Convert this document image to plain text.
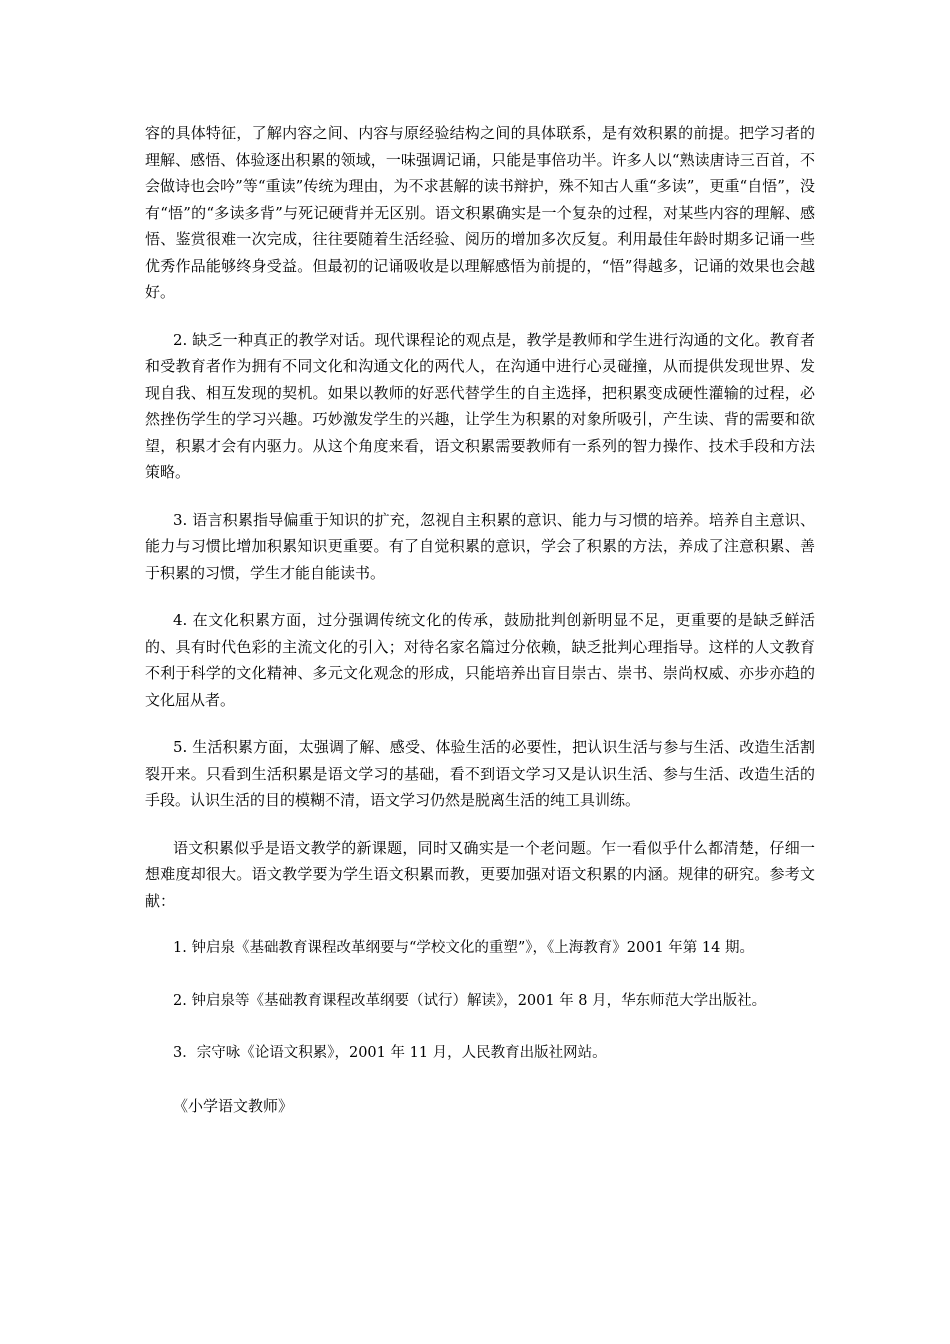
容的具体特征，了解内容之间、内容与原经验结构之间的具体联系，是有效积累的前提。把学习者的理解、感悟、体验逐出积累的领域，一味强调记诵，只能是事倍功半。许多人以“熟读唐诗三百首，不会做诗也会吟”等“重读”传统为理由，为不求甚解的读书辩护，殊不知古人重“多读”，更重“自悟”，没有“悟”的“多读多背”与死记硬背并无区别。语文积累确实是一个复杂的过程，对某些内容的理解、感悟、鉴赏很难一次完成，往往要随着生活经验、阅历的增加多次反复。利用最佳年龄时期多记诵一些优秀作品能够终身受益。但最初的记诵吸收是以理解感悟为前提的，“悟”得越多，记诵的效果也会越好。

2. 缺乏一种真正的教学对话。现代课程论的观点是，教学是教师和学生进行沟通的文化。教育者和受教育者作为拥有不同文化和沟通文化的两代人，在沟通中进行心灵碰撞，从而提供发现世界、发现自我、相互发现的契机。如果以教师的好恶代替学生的自主选择，把积累变成硬性灌输的过程，必然挫伤学生的学习兴趣。巧妙激发学生的兴趣，让学生为积累的对象所吸引，产生读、背的需要和欲望，积累才会有内驱力。从这个角度来看，语文积累需要教师有一系列的智力操作、技术手段和方法策略。

3. 语言积累指导偏重于知识的扩充，忽视自主积累的意识、能力与习惯的培养。培养自主意识、能力与习惯比增加积累知识更重要。有了自觉积累的意识，学会了积累的方法，养成了注意积累、善于积累的习惯，学生才能自能读书。

4. 在文化积累方面，过分强调传统文化的传承，鼓励批判创新明显不足，更重要的是缺乏鲜活的、具有时代色彩的主流文化的引入；对待名家名篇过分依赖，缺乏批判心理指导。这样的人文教育不利于科学的文化精神、多元文化观念的形成，只能培养出盲目崇古、崇书、崇尚权威、亦步亦趋的文化屈从者。

5. 生活积累方面，太强调了解、感受、体验生活的必要性，把认识生活与参与生活、改造生活割裂开来。只看到生活积累是语文学习的基础，看不到语文学习又是认识生活、参与生活、改造生活的手段。认识生活的目的模糊不清，语文学习仍然是脱离生活的纯工具训练。

语文积累似乎是语文教学的新课题，同时又确实是一个老问题。乍一看似乎什么都清楚，仔细一想难度却很大。语文教学要为学生语文积累而教，更要加强对语文积累的内涵。规律的研究。参考文献：

1. 钟启泉《基础教育课程改革纲要与“学校文化的重塑”》，《上海教育》2001 年第 14 期。

2. 钟启泉等《基础教育课程改革纲要（试行）解读》，2001 年 8 月，华东师范大学出版社。

3．宗守咏《论语文积累》，2001 年 11 月，人民教育出版社网站。

《小学语文教师》
